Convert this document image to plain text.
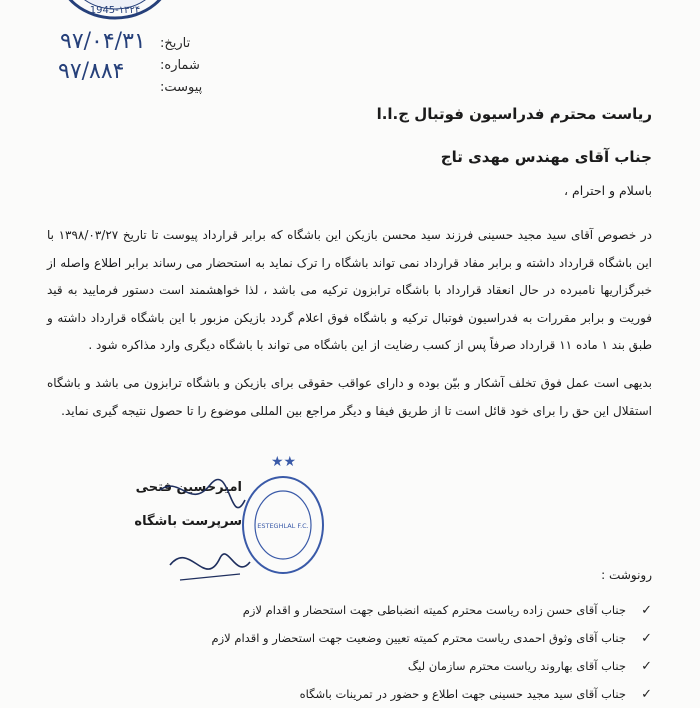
1945-۱۳۲۴
تاریخ:
شماره:
پیوست:
۹۷/۰۴/۳۱
۹۷/۸۸۴
ریاست محترم فدراسیون فوتبال ج.ا.ا
جناب آقای مهندس مهدی تاج
باسلام و احترام ،
در خصوص آقای سید مجید حسینی فرزند سید محسن بازیکن این باشگاه که برابر قرارداد پیوست تا تاریخ ۱۳۹۸/۰۳/۲۷ با این باشگاه قرارداد داشته و برابر مفاد قرارداد نمی تواند باشگاه را ترک نماید به استحضار می رساند برابر اطلاع واصله از خبرگزاریها نامبرده در حال انعقاد قرارداد با باشگاه ترابزون ترکیه می باشد ، لذا خواهشمند است دستور فرمایید به قید فوریت و برابر مقررات به فدراسیون فوتبال ترکیه و باشگاه فوق اعلام گردد بازیکن مزبور با این باشگاه قرارداد داشته و طبق بند ۱ ماده ۱۱ قرارداد صرفاً پس از کسب رضایت از این باشگاه می تواند با باشگاه دیگری وارد مذاکره شود .
بدیهی است عمل فوق تخلف آشکار و بیّن بوده و دارای عواقب حقوقی برای بازیکن و باشگاه ترابزون می باشد و باشگاه استقلال این حق را برای خود قائل است تا از طریق فیفا و دیگر مراجع بین المللی موضوع را تا حصول نتیجه گیری نماید.
امیرحسین فتحی
سرپرست باشگاه
★★
ESTEGHLAL F.C.
رونوشت :
✓
جناب آقای حسن زاده ریاست محترم کمیته انضباطی جهت استحضار و اقدام لازم
✓
جناب آقای وثوق احمدی ریاست محترم کمیته تعیین وضعیت جهت استحضار و اقدام لازم
✓
جناب آقای بهاروند ریاست محترم سازمان لیگ
✓
جناب آقای سید مجید حسینی جهت اطلاع و حضور در تمرینات باشگاه
